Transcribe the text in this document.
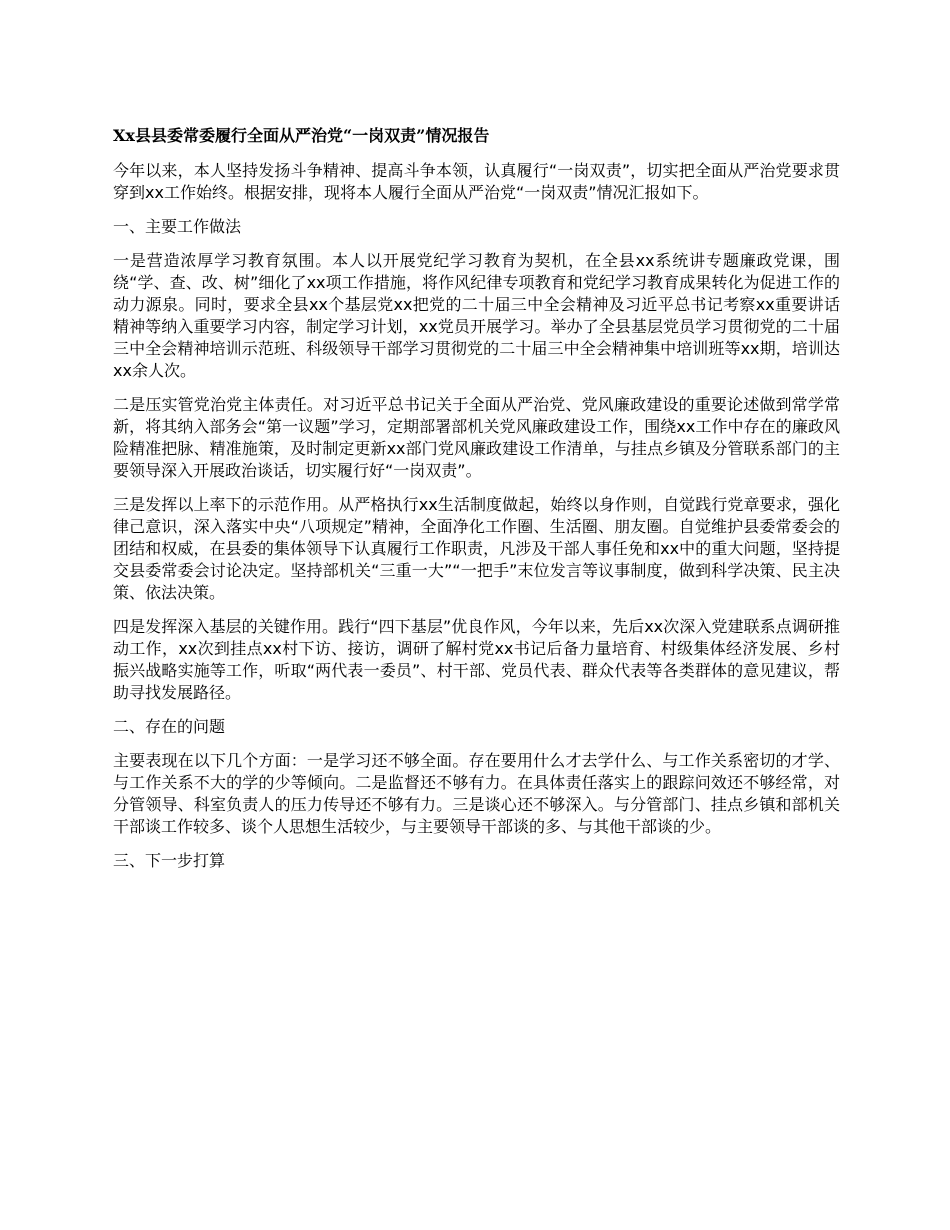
Xx县县委常委履行全面从严治党“一岗双责”情况报告

今年以来，本人坚持发扬斗争精神、提高斗争本领，认真履行“一岗双责”，切实把全面从严治党要求贯穿到xx工作始终。根据安排，现将本人履行全面从严治党“一岗双责”情况汇报如下。

一、主要工作做法

一是营造浓厚学习教育氛围。本人以开展党纪学习教育为契机，在全县xx系统讲专题廉政党课，围绕“学、查、改、树”细化了xx项工作措施，将作风纪律专项教育和党纪学习教育成果转化为促进工作的动力源泉。同时，要求全县xx个基层党xx把党的二十届三中全会精神及习近平总书记考察xx重要讲话精神等纳入重要学习内容，制定学习计划，xx党员开展学习。举办了全县基层党员学习贯彻党的二十届三中全会精神培训示范班、科级领导干部学习贯彻党的二十届三中全会精神集中培训班等xx期，培训达xx余人次。

二是压实管党治党主体责任。对习近平总书记关于全面从严治党、党风廉政建设的重要论述做到常学常新，将其纳入部务会“第一议题”学习，定期部署部机关党风廉政建设工作，围绕xx工作中存在的廉政风险精准把脉、精准施策，及时制定更新xx部门党风廉政建设工作清单，与挂点乡镇及分管联系部门的主要领导深入开展政治谈话，切实履行好“一岗双责”。

三是发挥以上率下的示范作用。从严格执行xx生活制度做起，始终以身作则，自觉践行党章要求，强化律己意识，深入落实中央“八项规定”精神，全面净化工作圈、生活圈、朋友圈。自觉维护县委常委会的团结和权威，在县委的集体领导下认真履行工作职责，凡涉及干部人事任免和xx中的重大问题，坚持提交县委常委会讨论决定。坚持部机关“三重一大”“一把手”末位发言等议事制度，做到科学决策、民主决策、依法决策。

四是发挥深入基层的关键作用。践行“四下基层”优良作风，今年以来，先后xx次深入党建联系点调研推动工作，xx次到挂点xx村下访、接访，调研了解村党xx书记后备力量培育、村级集体经济发展、乡村振兴战略实施等工作，听取“两代表一委员”、村干部、党员代表、群众代表等各类群体的意见建议，帮助寻找发展路径。

二、存在的问题

主要表现在以下几个方面：一是学习还不够全面。存在要用什么才去学什么、与工作关系密切的才学、与工作关系不大的学的少等倾向。二是监督还不够有力。在具体责任落实上的跟踪问效还不够经常，对分管领导、科室负责人的压力传导还不够有力。三是谈心还不够深入。与分管部门、挂点乡镇和部机关干部谈工作较多、谈个人思想生活较少，与主要领导干部谈的多、与其他干部谈的少。

三、下一步打算
